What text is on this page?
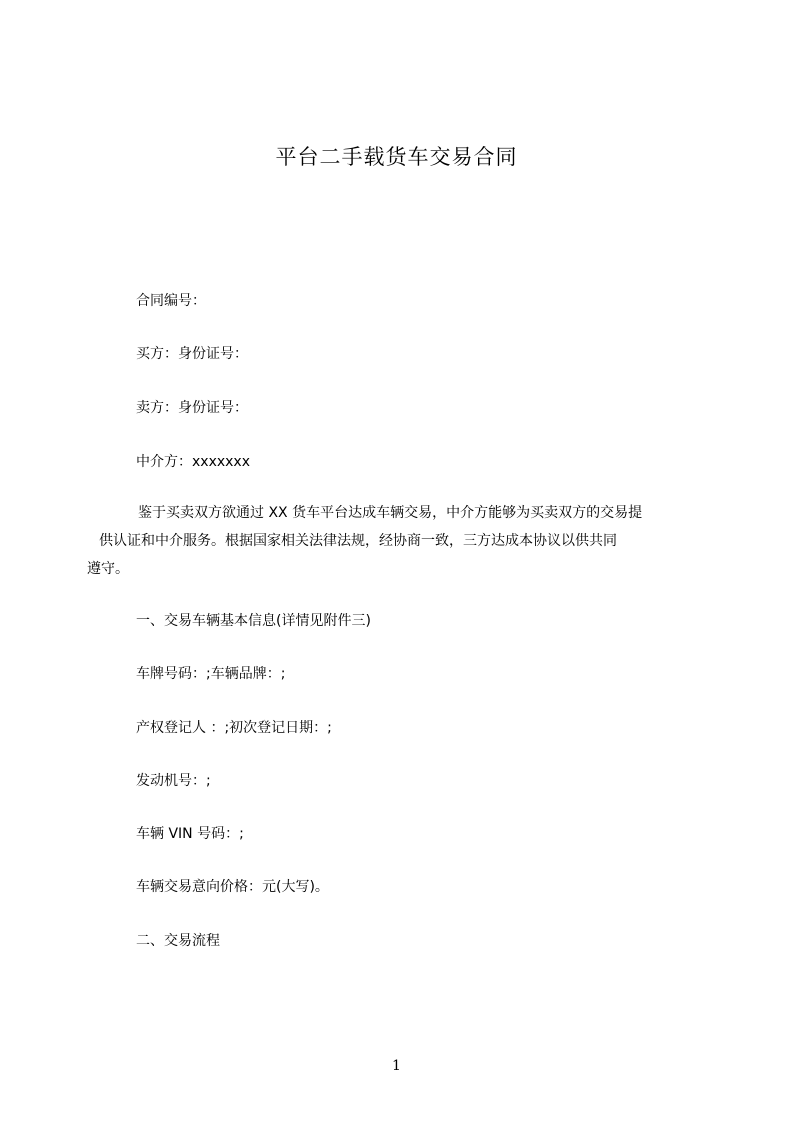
平台二手载货车交易合同
合同编号：
买方：身份证号：
卖方：身份证号：
中介方：xxxxxxx
鉴于买卖双方欲通过 XX 货车平台达成车辆交易，中介方能够为买卖双方的交易提
供认证和中介服务。根据国家相关法律法规，经协商一致，三方达成本协议以供共同
遵守。
一、交易车辆基本信息(详情见附件三)
车牌号码：;车辆品牌：;
产权登记人 ：;初次登记日期：;
发动机号：;
车辆 VIN 号码：;
车辆交易意向价格：元(大写)。
二、交易流程
1
